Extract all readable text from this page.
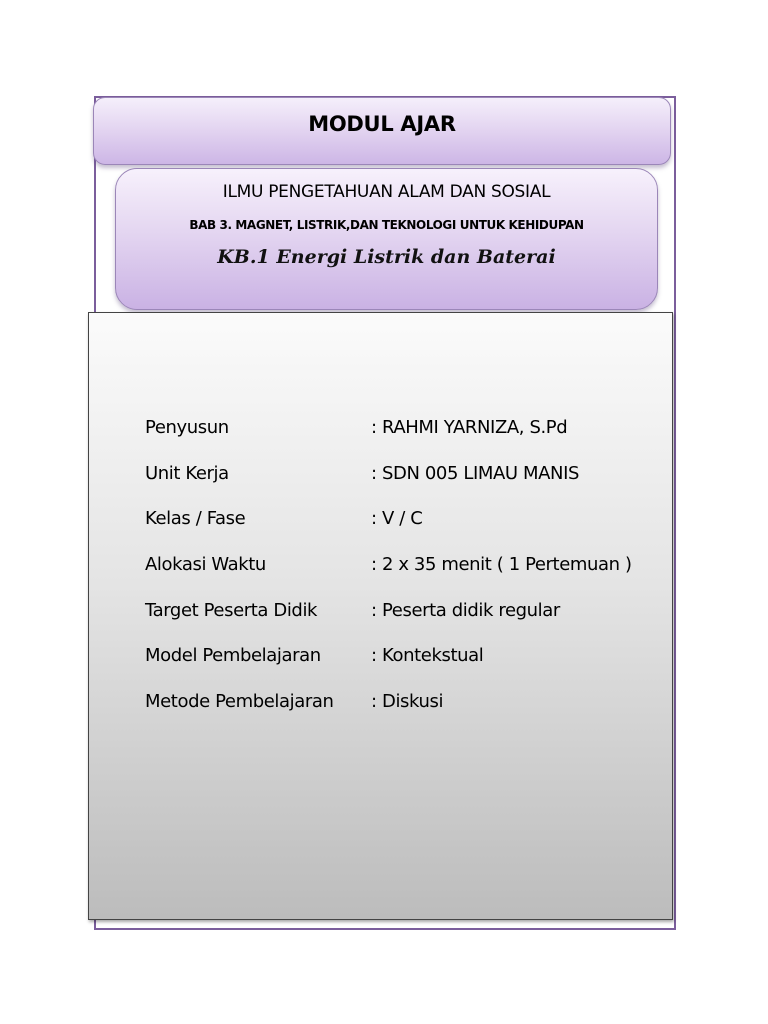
MODUL AJAR
ILMU PENGETAHUAN ALAM DAN SOSIAL
BAB 3. MAGNET, LISTRIK,DAN TEKNOLOGI UNTUK KEHIDUPAN
KB.1 Energi Listrik dan Baterai
Penyusun	: RAHMI YARNIZA, S.Pd
Unit Kerja	: SDN 005 LIMAU MANIS
Kelas / Fase	: V / C
Alokasi Waktu	: 2 x 35 menit ( 1 Pertemuan )
Target Peserta Didik	: Peserta didik regular
Model Pembelajaran	: Kontekstual
Metode Pembelajaran	: Diskusi
